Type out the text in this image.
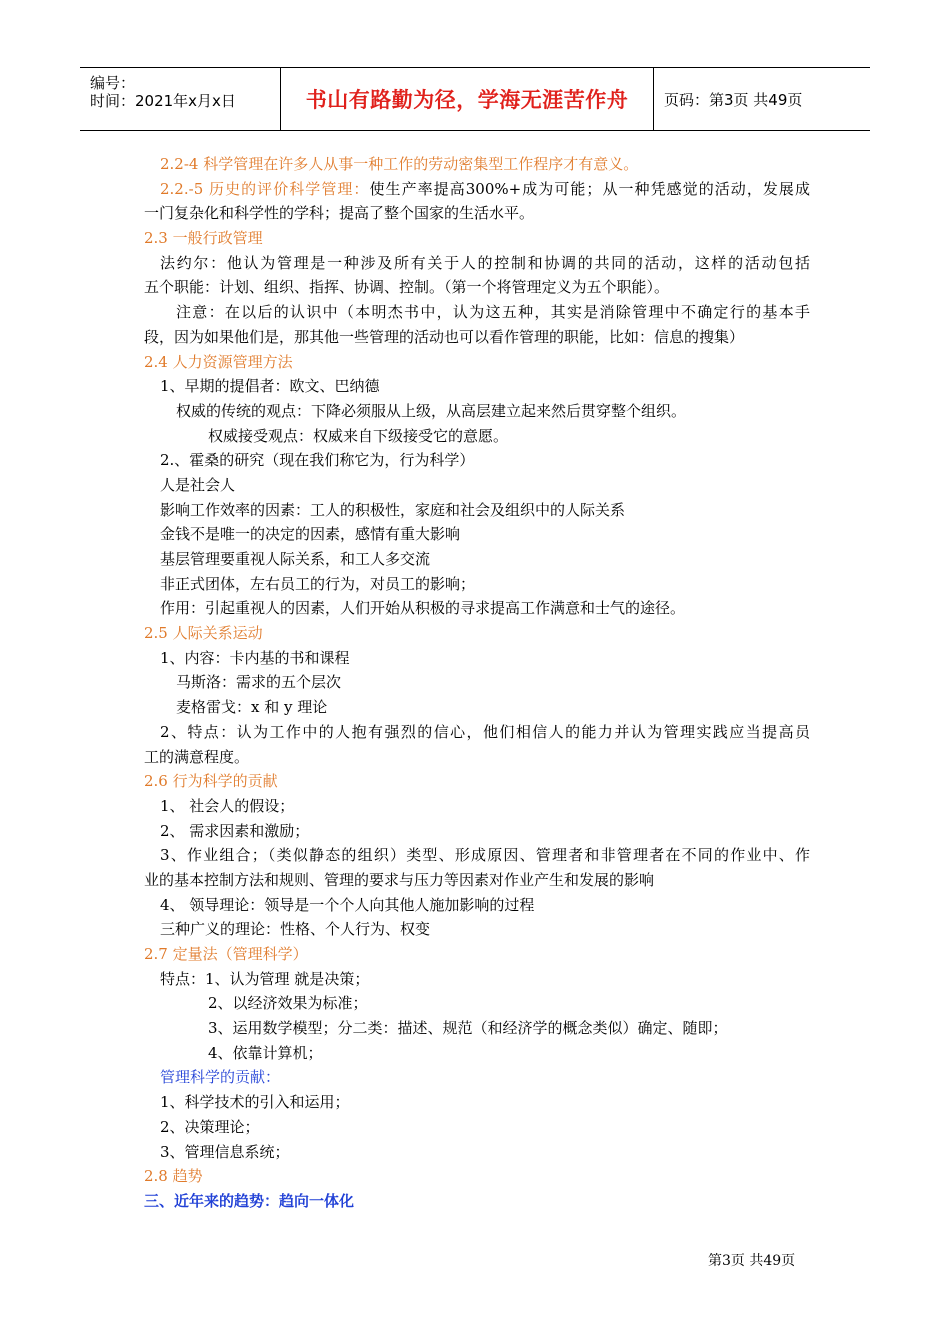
编号：
时间：2021年x月x日	书山有路勤为径，学海无涯苦作舟	页码：第3页 共49页
2.2-4 科学管理在许多人从事一种工作的劳动密集型工作程序才有意义。
2.2.-5 历史的评价科学管理：使生产率提高300%+成为可能；从一种凭感觉的活动，发展成
一门复杂化和科学性的学科；提高了整个国家的生活水平。
2.3 一般行政管理
法约尔：他认为管理是一种涉及所有关于人的控制和协调的共同的活动，这样的活动包括
五个职能：计划、组织、指挥、协调、控制。（第一个将管理定义为五个职能）。
注意：在以后的认识中（本明杰书中，认为这五种，其实是消除管理中不确定行的基本手
段，因为如果他们是，那其他一些管理的活动也可以看作管理的职能，比如：信息的搜集）
2.4 人力资源管理方法
1、早期的提倡者：欧文、巴纳德
权威的传统的观点：下降必须服从上级，从高层建立起来然后贯穿整个组织。
权威接受观点：权威来自下级接受它的意愿。
2.、霍桑的研究（现在我们称它为，行为科学）
人是社会人
影响工作效率的因素：工人的积极性，家庭和社会及组织中的人际关系
金钱不是唯一的决定的因素，感情有重大影响
基层管理要重视人际关系，和工人多交流
非正式团体，左右员工的行为，对员工的影响；
作用：引起重视人的因素，人们开始从积极的寻求提高工作满意和士气的途径。
2.5 人际关系运动
1、内容：卡内基的书和课程
马斯洛：需求的五个层次
麦格雷戈：x 和 y 理论
2、特点：认为工作中的人抱有强烈的信心，他们相信人的能力并认为管理实践应当提高员
工的满意程度。
2.6 行为科学的贡献
1、 社会人的假设；
2、 需求因素和激励；
3、作业组合；（类似静态的组织）类型、形成原因、管理者和非管理者在不同的作业中、作
业的基本控制方法和规则、管理的要求与压力等因素对作业产生和发展的影响
4、 领导理论：领导是一个个人向其他人施加影响的过程
三种广义的理论：性格、个人行为、权变
2.7 定量法（管理科学）
特点：1、认为管理 就是决策；
2、以经济效果为标准；
3、运用数学模型；分二类：描述、规范（和经济学的概念类似）确定、随即；
4、依靠计算机；
管理科学的贡献：
1、科学技术的引入和运用；
2、决策理论；
3、管理信息系统；
2.8 趋势
三、近年来的趋势：趋向一体化
第3页 共49页
